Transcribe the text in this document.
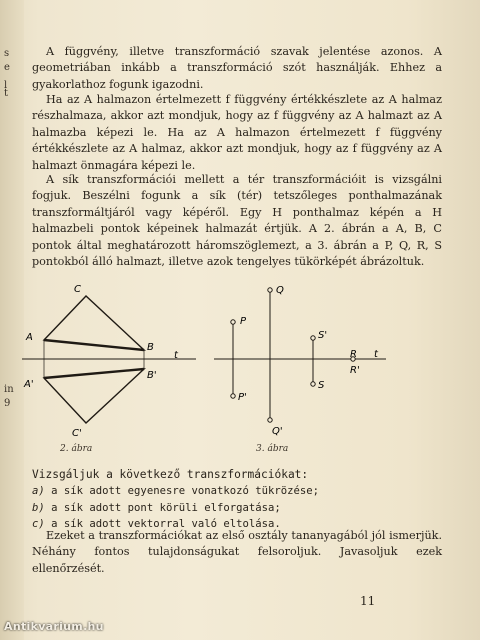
s
e
l
t
in
9

A függvény, illetve transzformáció szavak jelentése azonos. A geometriában inkább a transzformáció szót használják. Ehhez a gyakorlathoz fogunk igazodni.

Ha az A halmazon értelmezett f függvény értékkészlete az A halmaz részhalmaza, akkor azt mondjuk, hogy az f függvény az A halmazt az A halmazba képezi le. Ha az A halmazon értelmezett f függvény értékkészlete az A halmaz, akkor azt mondjuk, hogy az f függvény az A halmazt önmagára képezi le.

A sík transzformációi mellett a tér transzformációit is vizsgálni fogjuk. Beszélni fogunk a sík (tér) tetszőleges ponthalmazának transzformáltjáról vagy képéről. Egy H ponthalmaz képén a H halmazbeli pontok képeinek halmazát értjük. A 2. ábrán a A, B, C pontok által meghatározott háromszöglemezt, a 3. ábrán a P, Q, R, S pontokból álló halmazt, illetve azok tengelyes tükörképét ábrázoltuk.

C
A
B
t
A'
B'
C'
2. ábra
Q
P
S'
R t
R'
S
P'
Q'
3. ábra
Vizsgáljuk a következő transzformációkat:
a) a sík adott egyenesre vonatkozó tükrözése;
b) a sík adott pont körüli elforgatása;
c) a sík adott vektorral való eltolása.

Ezeket a transzformációkat az első osztály tananyagából jól ismerjük. Néhány fontos tulajdonságukat felsoroljuk. Javasoljuk ezek ellenőrzését.

11
Antikvarium.hu
